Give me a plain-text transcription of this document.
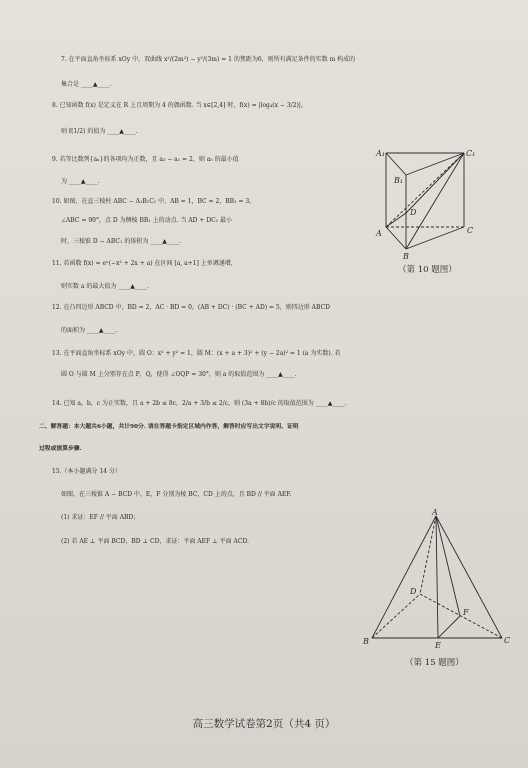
7. 在平面直角坐标系 xOy 中，双曲线 x²/(2m²) − y²/(3m) = 1 的焦距为6，则所有满足条件的实数 m 构成的
集合是 ____▲____.
8. 已知函数 f(x) 是定义在 R 上且周期为 4 的偶函数. 当 x∈[2,4] 时，f(x) = |log₄(x − 3/2)|，
则 f(1/2) 的值为 ____▲____.
9. 若等比数列{aₙ}的各项均为正数，且 a₃ − a₁ = 2，则 a₅ 的最小值
为 ____▲____.
10. 如图，在直三棱柱 ABC − A₁B₁C₁ 中，AB = 1，BC = 2，BB₁ = 3，
∠ABC = 90°，点 D 为侧棱 BB₁ 上的动点. 当 AD + DC₁ 最小
时，三棱锥 D − ABC₁ 的体积为 ____▲____.
11. 若函数 f(x) = eˣ(−x² + 2x + a) 在区间 [a, a+1] 上单调递增，
则实数 a 的最大值为 ____▲____.
12. 在凸四边形 ABCD 中，BD = 2，AC · BD = 0，(AB + DC) · (BC + AD) = 5，则四边形 ABCD
的面积为 ____▲____.
13. 在平面直角坐标系 xOy 中，圆 O：x² + y² = 1，圆 M：(x + a + 3)² + (y − 2a)² = 1 (a 为实数). 若
圆 O 与圆 M 上分别存在点 P，Q，使得 ∠OQP = 30°，则 a 的取值范围为 ____▲____.
14. 已知 a，b，c 为正实数，且 a + 2b ≤ 8c，2/a + 3/b ≤ 2/c，则 (3a + 8b)/c 的取值范围为 ____▲____.
二、解答题：本大题共6小题，共计90分. 请在答题卡指定区域内作答，解答时应写出文字说明、证明
过程或演算步骤.
15.（本小题满分 14 分）
如图，在三棱锥 A − BCD 中，E，F 分别为棱 BC，CD 上的点，且 BD // 平面 AEF.
(1) 求证：EF // 平面 ABD；
(2) 若 AE ⊥ 平面 BCD，BD ⊥ CD，求证：平面 AEF ⊥ 平面 ACD.
A₁	C₁
B₁
D
A	C
B
（第 10 题图）
A
D
F
B	E
C
（第 15 题图）
高三数学试卷第2页（共4 页）
